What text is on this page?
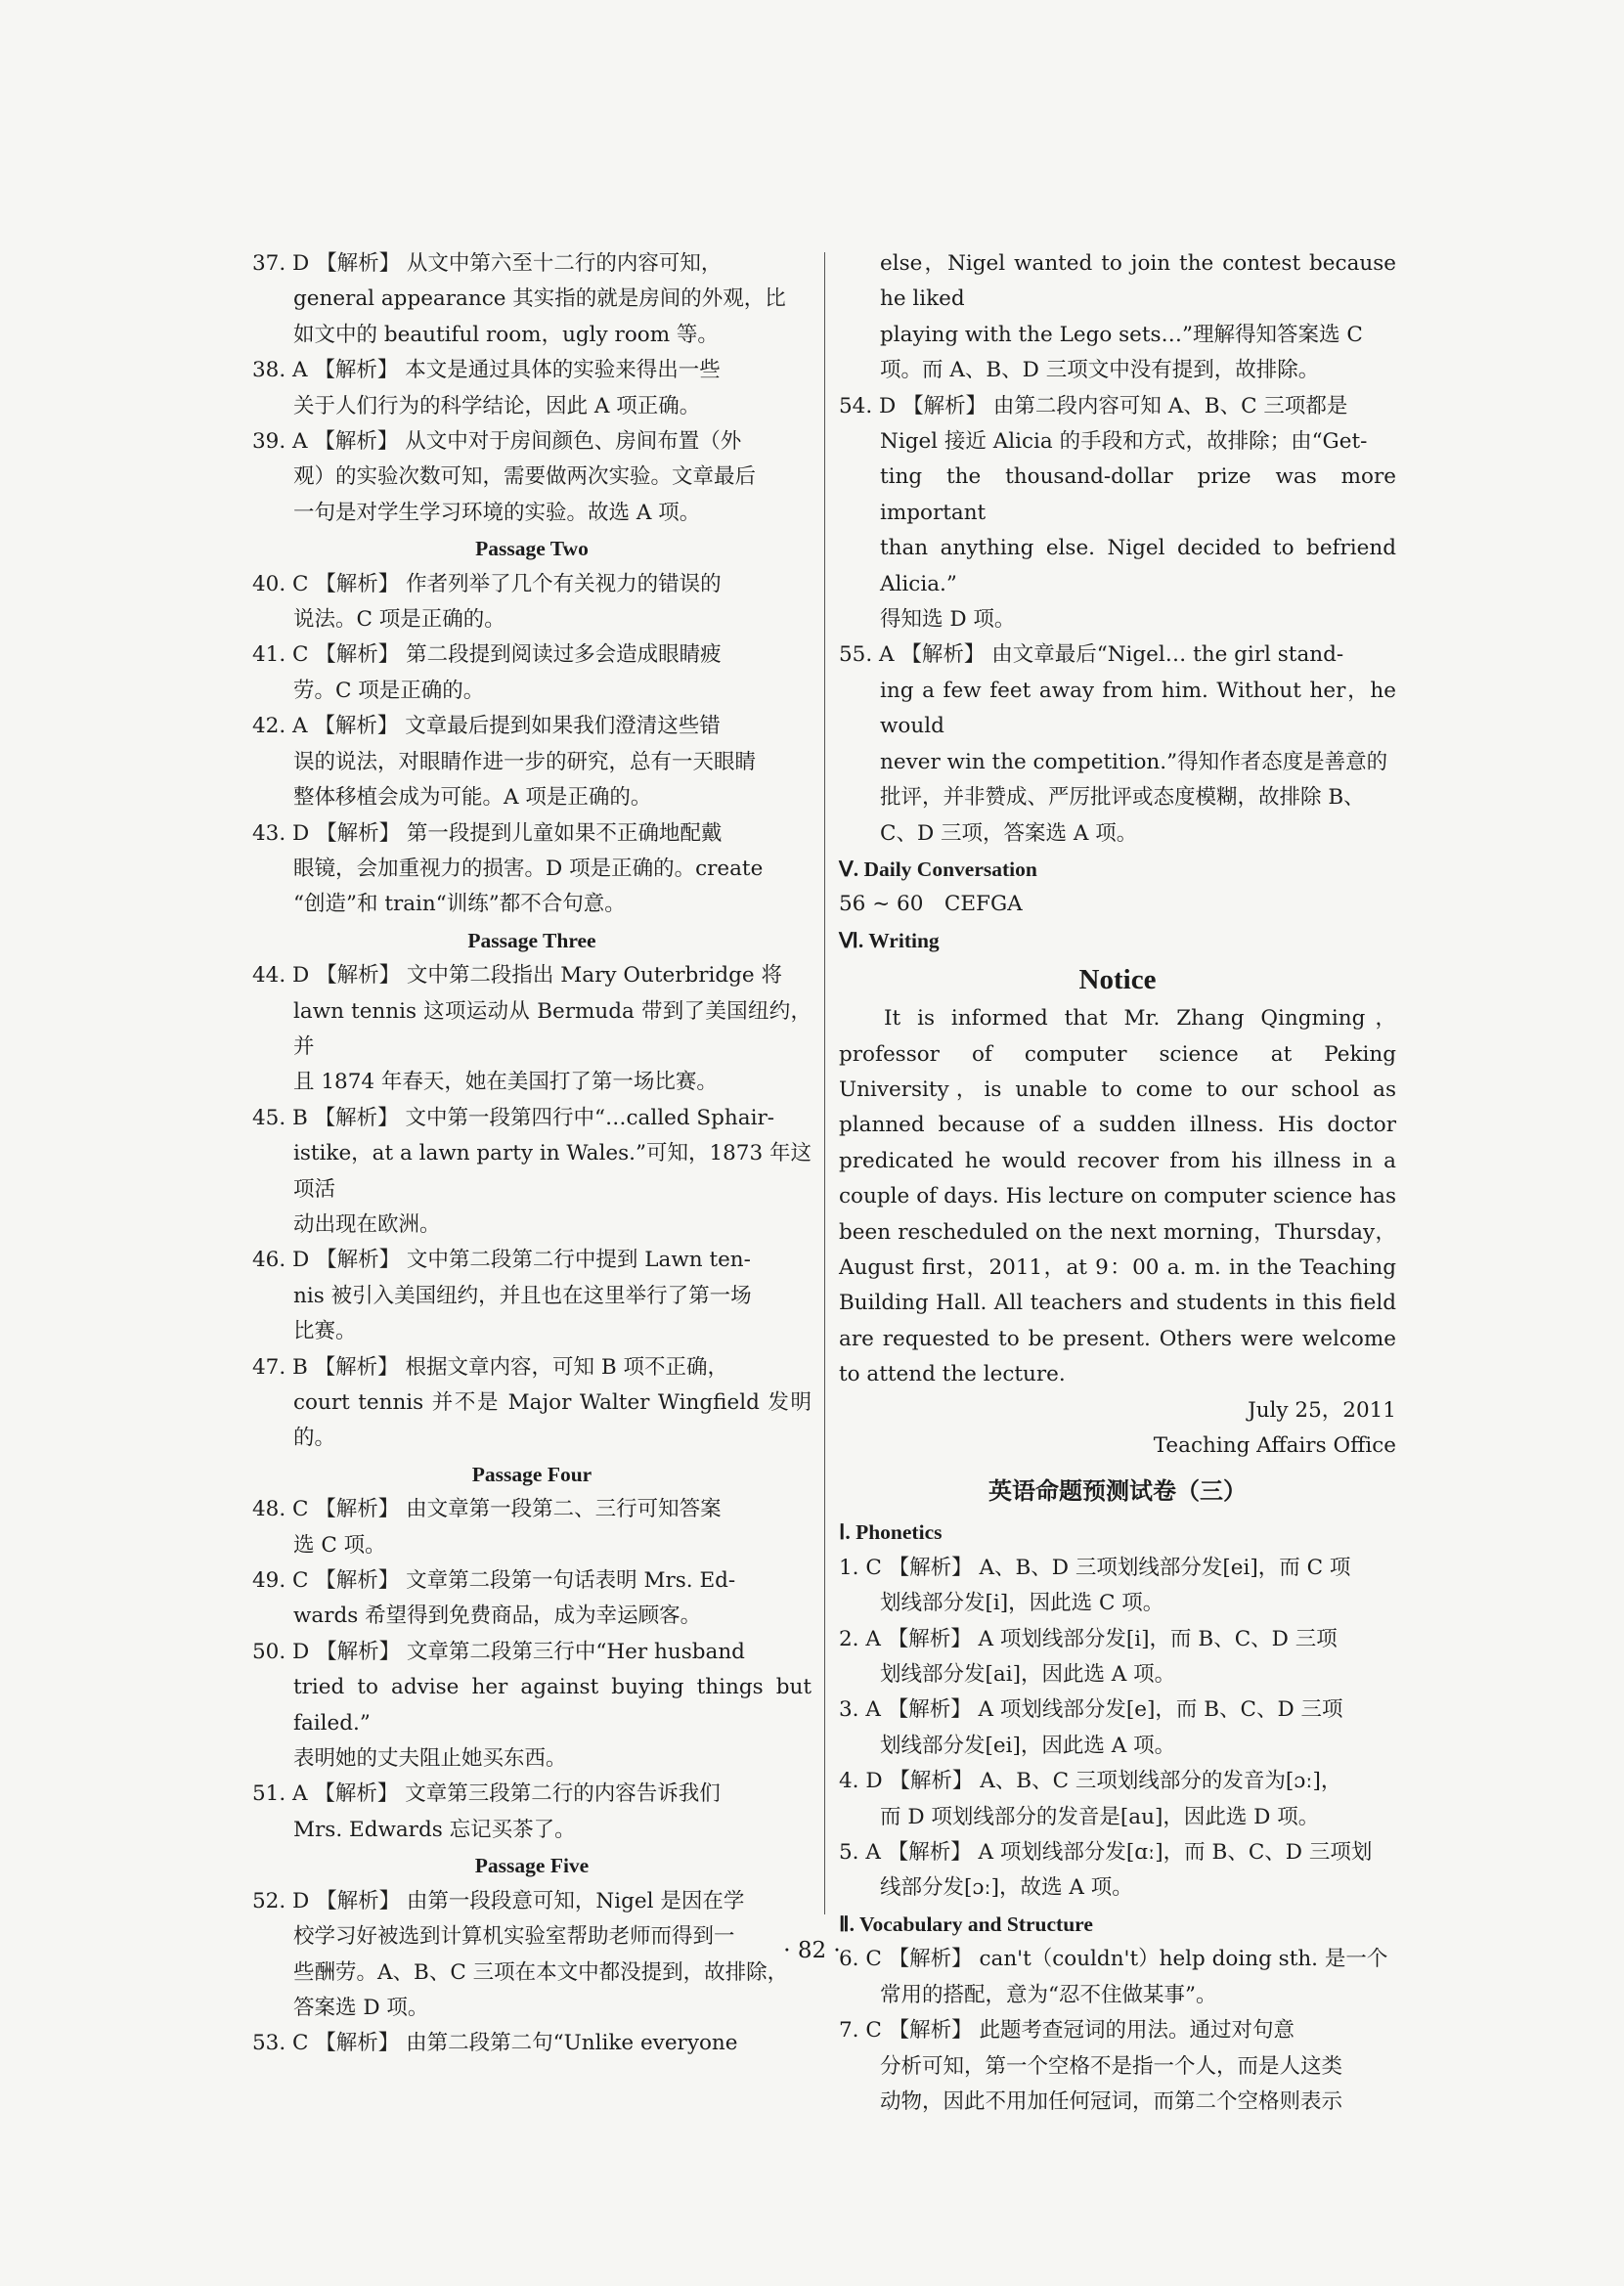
37. D 【解析】 从文中第六至十二行的内容可知，
general appearance 其实指的就是房间的外观，比
如文中的 beautiful room，ugly room 等。
38. A 【解析】 本文是通过具体的实验来得出一些
关于人们行为的科学结论，因此 A 项正确。
39. A 【解析】 从文中对于房间颜色、房间布置（外
观）的实验次数可知，需要做两次实验。文章最后
一句是对学生学习环境的实验。故选 A 项。
Passage Two
40. C 【解析】 作者列举了几个有关视力的错误的
说法。C 项是正确的。
41. C 【解析】 第二段提到阅读过多会造成眼睛疲
劳。C 项是正确的。
42. A 【解析】 文章最后提到如果我们澄清这些错
误的说法，对眼睛作进一步的研究，总有一天眼睛
整体移植会成为可能。A 项是正确的。
43. D 【解析】 第一段提到儿童如果不正确地配戴
眼镜，会加重视力的损害。D 项是正确的。create
“创造”和 train“训练”都不合句意。
Passage Three
44. D 【解析】 文中第二段指出 Mary Outerbridge 将
lawn tennis 这项运动从 Bermuda 带到了美国纽约，并
且 1874 年春天，她在美国打了第一场比赛。
45. B 【解析】 文中第一段第四行中“…called Sphair-
istike，at a lawn party in Wales.”可知，1873 年这项活
动出现在欧洲。
46. D 【解析】 文中第二段第二行中提到 Lawn ten-
nis 被引入美国纽约，并且也在这里举行了第一场
比赛。
47. B 【解析】 根据文章内容，可知 B 项不正确，
court tennis 并不是 Major Walter Wingfield 发明的。
Passage Four
48. C 【解析】 由文章第一段第二、三行可知答案
选 C 项。
49. C 【解析】 文章第二段第一句话表明 Mrs. Ed-
wards 希望得到免费商品，成为幸运顾客。
50. D 【解析】 文章第二段第三行中“Her husband
tried to advise her against buying things but failed.”
表明她的丈夫阻止她买东西。
51. A 【解析】 文章第三段第二行的内容告诉我们
Mrs. Edwards 忘记买茶了。
Passage Five
52. D 【解析】 由第一段段意可知，Nigel 是因在学
校学习好被选到计算机实验室帮助老师而得到一
些酬劳。A、B、C 三项在本文中都没提到，故排除，
答案选 D 项。
53. C 【解析】 由第二段第二句“Unlike everyone
else，Nigel wanted to join the contest because he liked
playing with the Lego sets…”理解得知答案选 C
项。而 A、B、D 三项文中没有提到，故排除。
54. D 【解析】 由第二段内容可知 A、B、C 三项都是
Nigel 接近 Alicia 的手段和方式，故排除；由“Get-
ting the thousand-dollar prize was more important
than anything else. Nigel decided to befriend Alicia.”
得知选 D 项。
55. A 【解析】 由文章最后“Nigel… the girl stand-
ing a few feet away from him. Without her，he would
never win the competition.”得知作者态度是善意的
批评，并非赞成、严厉批评或态度模糊，故排除 B、
C、D 三项，答案选 A 项。
Ⅴ. Daily Conversation
56 ~ 60　CEFGA
Ⅵ. Writing
Notice
It is informed that Mr. Zhang Qingming，professor of computer science at Peking University，is unable to come to our school as planned because of a sudden illness. His doctor predicated he would recover from his illness in a couple of days. His lecture on computer science has been rescheduled on the next morning，Thursday，August first，2011，at 9：00 a. m. in the Teaching Building Hall. All teachers and students in this field are requested to be present. Others were welcome to attend the lecture.
July 25，2011
Teaching Affairs Office
英语命题预测试卷（三）
Ⅰ. Phonetics
1. C 【解析】 A、B、D 三项划线部分发[ei]，而 C 项
划线部分发[i]，因此选 C 项。
2. A 【解析】 A 项划线部分发[i]，而 B、C、D 三项
划线部分发[ai]，因此选 A 项。
3. A 【解析】 A 项划线部分发[e]，而 B、C、D 三项
划线部分发[ei]，因此选 A 项。
4. D 【解析】 A、B、C 三项划线部分的发音为[ɔː]，
而 D 项划线部分的发音是[au]，因此选 D 项。
5. A 【解析】 A 项划线部分发[ɑː]，而 B、C、D 三项划
线部分发[ɔː]，故选 A 项。
Ⅱ. Vocabulary and Structure
6. C 【解析】 can't（couldn't）help doing sth. 是一个
常用的搭配，意为“忍不住做某事”。
7. C 【解析】 此题考查冠词的用法。通过对句意
分析可知，第一个空格不是指一个人，而是人这类
动物，因此不用加任何冠词，而第二个空格则表示
· 82 ·
